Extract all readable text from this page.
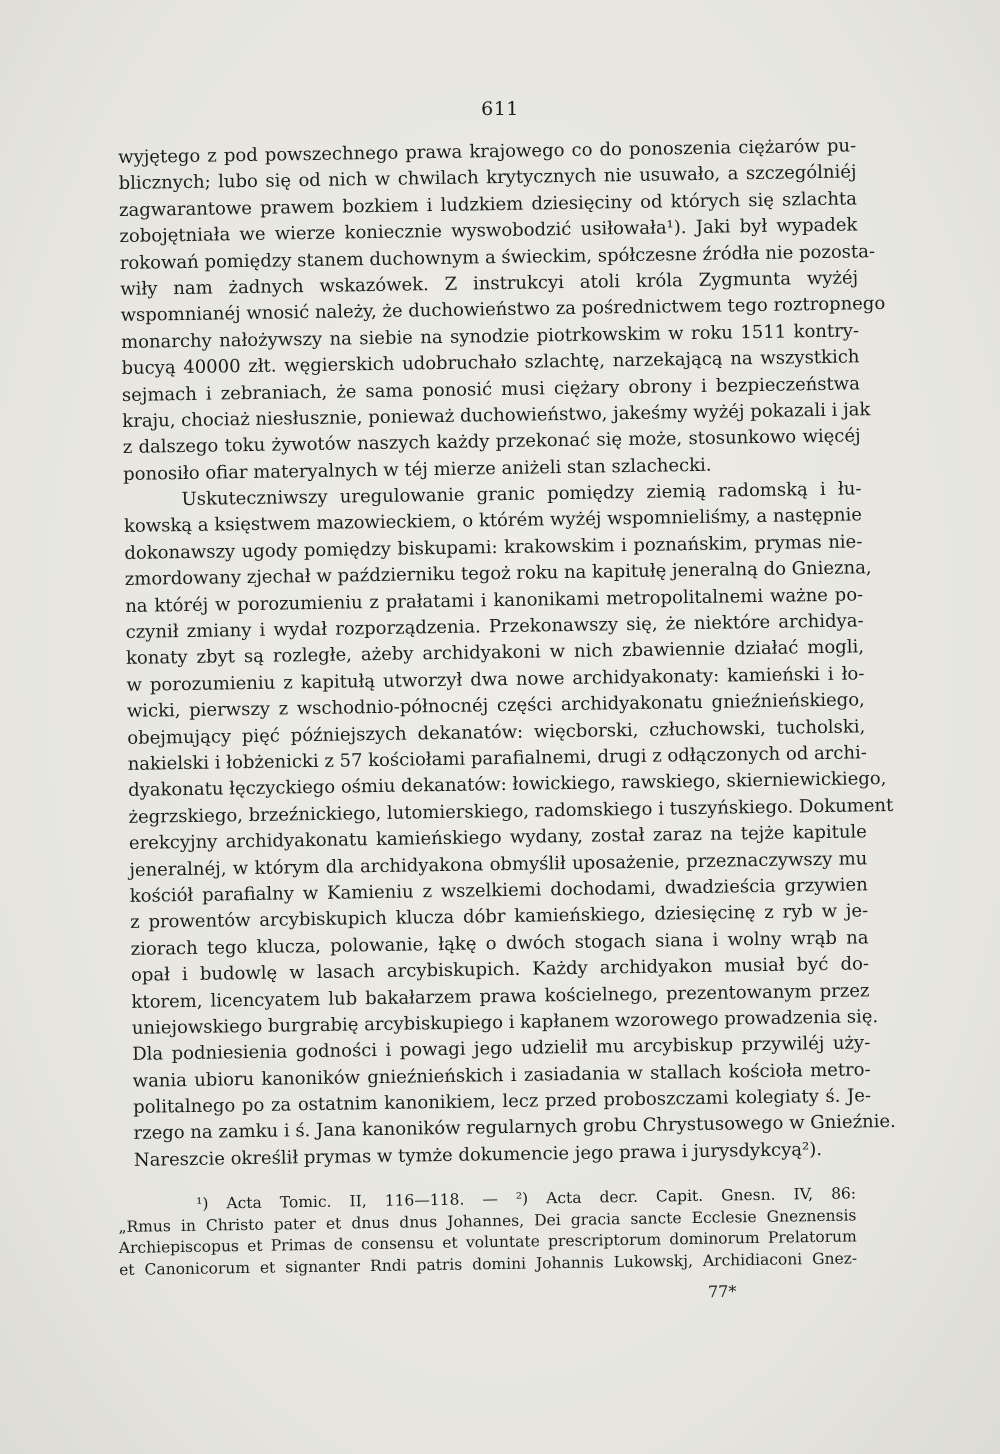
611
wyjętego z pod powszechnego prawa krajowego co do ponoszenia ciężarów pu-
blicznych; lubo się od nich w chwilach krytycznych nie usuwało, a szczególniéj
zagwarantowe prawem bozkiem i ludzkiem dziesięciny od których się szlachta
zobojętniała we wierze koniecznie wyswobodzić usiłowała¹). Jaki był wypadek
rokowań pomiędzy stanem duchownym a świeckim, spółczesne źródła nie pozosta-
wiły nam żadnych wskazówek. Z instrukcyi atoli króla Zygmunta wyżéj
wspomnianéj wnosić należy, że duchowieństwo za pośrednictwem tego roztropnego
monarchy nałożywszy na siebie na synodzie piotrkowskim w roku 1511 kontry-
bucyą 40000 złt. węgierskich udobruchało szlachtę, narzekającą na wszystkich
sejmach i zebraniach, że sama ponosić musi ciężary obrony i bezpieczeństwa
kraju, chociaż niesłusznie, ponieważ duchowieństwo, jakeśmy wyżéj pokazali i jak
z dalszego toku żywotów naszych każdy przekonać się może, stosunkowo więcéj
ponosiło ofiar materyalnych w téj mierze aniżeli stan szlachecki.
Uskuteczniwszy uregulowanie granic pomiędzy ziemią radomską i łu-
kowską a księstwem mazowieckiem, o którém wyżéj wspomnieliśmy, a następnie
dokonawszy ugody pomiędzy biskupami: krakowskim i poznańskim, prymas nie-
zmordowany zjechał w październiku tegoż roku na kapitułę jeneralną do Gniezna,
na któréj w porozumieniu z prałatami i kanonikami metropolitalnemi ważne po-
czynił zmiany i wydał rozporządzenia. Przekonawszy się, że niektóre archidya-
konaty zbyt są rozległe, ażeby archidyakoni w nich zbawiennie działać mogli,
w porozumieniu z kapitułą utworzył dwa nowe archidyakonaty: kamieński i ło-
wicki, pierwszy z wschodnio-północnéj części archidyakonatu gnieźnieńskiego,
obejmujący pięć późniejszych dekanatów: więcborski, człuchowski, tucholski,
nakielski i łobżenicki z 57 kościołami parafialnemi, drugi z odłączonych od archi-
dyakonatu łęczyckiego ośmiu dekanatów: łowickiego, rawskiego, skierniewickiego,
żegrzskiego, brzeźnickiego, lutomierskiego, radomskiego i tuszyńskiego. Dokument
erekcyjny archidyakonatu kamieńskiego wydany, został zaraz na tejże kapitule
jeneralnéj, w którym dla archidyakona obmyślił uposażenie, przeznaczywszy mu
kościół parafialny w Kamieniu z wszelkiemi dochodami, dwadzieścia grzywien
z prowentów arcybiskupich klucza dóbr kamieńskiego, dziesięcinę z ryb w je-
ziorach tego klucza, polowanie, łąkę o dwóch stogach siana i wolny wrąb na
opał i budowlę w lasach arcybiskupich. Każdy archidyakon musiał być do-
ktorem, licencyatem lub bakałarzem prawa kościelnego, prezentowanym przez
uniejowskiego burgrabię arcybiskupiego i kapłanem wzorowego prowadzenia się.
Dla podniesienia godności i powagi jego udzielił mu arcybiskup przywiléj uży-
wania ubioru kanoników gnieźnieńskich i zasiadania w stallach kościoła metro-
politalnego po za ostatnim kanonikiem, lecz przed proboszczami kolegiaty ś. Je-
rzego na zamku i ś. Jana kanoników regularnych grobu Chrystusowego w Gnieźnie.
Nareszcie określił prymas w tymże dokumencie jego prawa i jurysdykcyą²).
¹) Acta Tomic. II, 116—118. — ²) Acta decr. Capit. Gnesn. IV, 86:
„Rmus in Christo pater et dnus dnus Johannes, Dei gracia sancte Ecclesie Gneznensis
Archiepiscopus et Primas de consensu et voluntate prescriptorum dominorum Prelatorum
et Canonicorum et signanter Rndi patris domini Johannis Lukowskj, Archidiaconi Gnez-
77*
